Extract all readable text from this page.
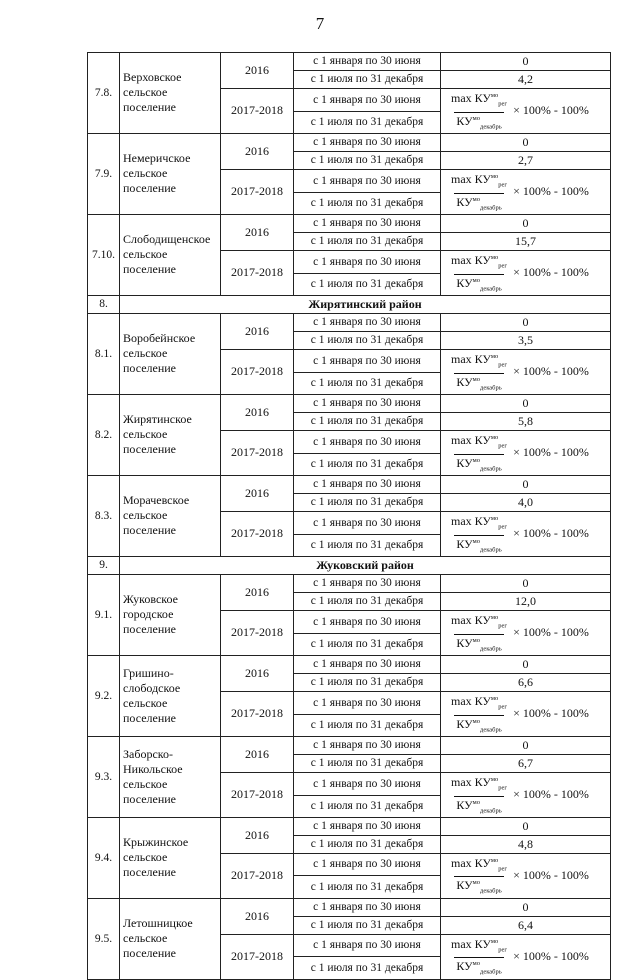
7
7.8.	Верховское
сельское
поселение	2016	с 1 января по 30 июня	0
			с 1 июля по 31 декабря	4,2
		2017-2018	с 1 января по 30 июня	$\frac{\max КУ^{мо}_{рег}}{КУ^{мо}_{декабрь}} \times 100\% - 100\%$

			с 1 июля по 31 декабря	
7.9.	Немеричское
сельское
поселение	2016	с 1 января по 30 июня	0
			с 1 июля по 31 декабря	2,7
		2017-2018	с 1 января по 30 июня	$\frac{\max КУ^{мо}_{рег}}{КУ^{мо}_{декабрь}} \times 100\% - 100\%$

			с 1 июля по 31 декабря	
7.10.	Слободищенское
сельское
поселение	2016	с 1 января по 30 июня	0
			с 1 июля по 31 декабря	15,7
		2017-2018	с 1 января по 30 июня	$\frac{\max КУ^{мо}_{рег}}{КУ^{мо}_{декабрь}} \times 100\% - 100\%$

			с 1 июля по 31 декабря	
8.	Жирятинский район			
8.1.	Воробейнское
сельское
поселение	2016	с 1 января по 30 июня	0
			с 1 июля по 31 декабря	3,5
		2017-2018	с 1 января по 30 июня	$\frac{\max КУ^{мо}_{рег}}{КУ^{мо}_{декабрь}} \times 100\% - 100\%$

			с 1 июля по 31 декабря	
8.2.	Жирятинское
сельское
поселение	2016	с 1 января по 30 июня	0
			с 1 июля по 31 декабря	5,8
		2017-2018	с 1 января по 30 июня	$\frac{\max КУ^{мо}_{рег}}{КУ^{мо}_{декабрь}} \times 100\% - 100\%$

			с 1 июля по 31 декабря	
8.3.	Морачевское
сельское
поселение	2016	с 1 января по 30 июня	0
			с 1 июля по 31 декабря	4,0
		2017-2018	с 1 января по 30 июня	$\frac{\max КУ^{мо}_{рег}}{КУ^{мо}_{декабрь}} \times 100\% - 100\%$

			с 1 июля по 31 декабря	
9.	Жуковский район			
9.1.	Жуковское
городское
поселение	2016	с 1 января по 30 июня	0
			с 1 июля по 31 декабря	12,0
		2017-2018	с 1 января по 30 июня	$\frac{\max КУ^{мо}_{рег}}{КУ^{мо}_{декабрь}} \times 100\% - 100\%$

			с 1 июля по 31 декабря	
9.2.	Гришино-
слободское
сельское
поселение	2016	с 1 января по 30 июня	0
			с 1 июля по 31 декабря	6,6
		2017-2018	с 1 января по 30 июня	$\frac{\max КУ^{мо}_{рег}}{КУ^{мо}_{декабрь}} \times 100\% - 100\%$

			с 1 июля по 31 декабря	
9.3.	Заборско-
Никольское
сельское
поселение	2016	с 1 января по 30 июня	0
			с 1 июля по 31 декабря	6,7
		2017-2018	с 1 января по 30 июня	$\frac{\max КУ^{мо}_{рег}}{КУ^{мо}_{декабрь}} \times 100\% - 100\%$

			с 1 июля по 31 декабря	
9.4.	Крыжинское
сельское
поселение	2016	с 1 января по 30 июня	0
			с 1 июля по 31 декабря	4,8
		2017-2018	с 1 января по 30 июня	$\frac{\max КУ^{мо}_{рег}}{КУ^{мо}_{декабрь}} \times 100\% - 100\%$

			с 1 июля по 31 декабря	
9.5.	Летошницкое
сельское
поселение	2016	с 1 января по 30 июня	0
			с 1 июля по 31 декабря	6,4
		2017-2018	с 1 января по 30 июня	$\frac{\max КУ^{мо}_{рег}}{КУ^{мо}_{декабрь}} \times 100\% - 100\%$

			с 1 июля по 31 декабря	
